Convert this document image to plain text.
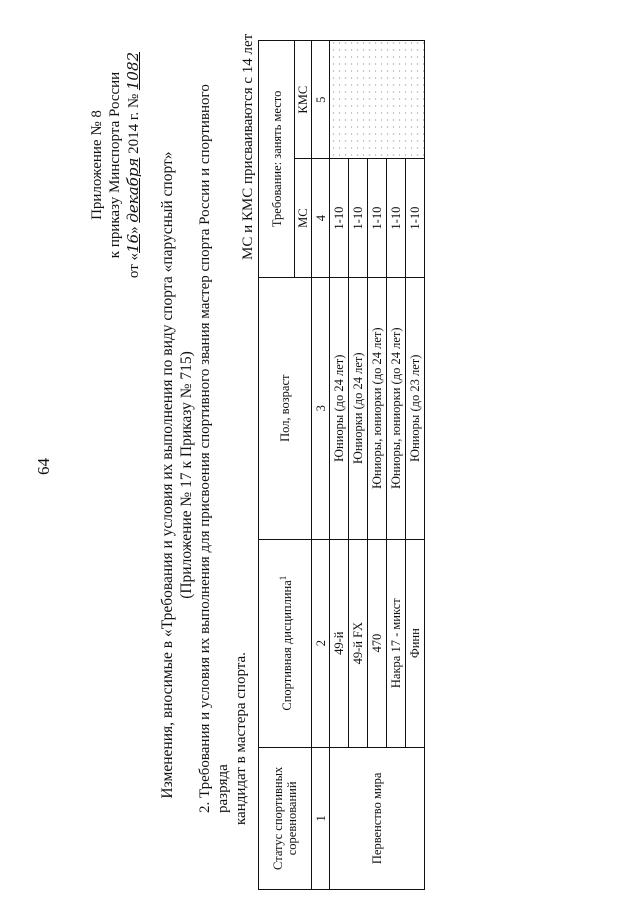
64
Приложение № 8 к приказу Минспорта России
от «16» декабря 2014 г. № 1082
Изменения, вносимые в «Требования и условия их выполнения по виду спорта «парусный спорт» (Приложение № 17 к Приказу № 715) 2. Требования и условия их выполнения для присвоения спортивного звания мастер спорта России и спортивного разряда кандидат в мастера спорта.
МС и КМС присваиваются с 14 лет
Статус спортивных соревнований	Спортивная дисциплина$^1$	Пол, возраст	Требование: занять место	
			МС	КМС
1	2	3	4	5
Первенство мира	49-й	Юниоры (до 24 лет)	1-10	
	49-й FX	Юниорки (до 24 лет)	1-10	
	470	Юниоры, юниорки (до 24 лет)	1-10	
	Накра 17 - микст	Юниоры, юниорки (до 24 лет)	1-10	
	Финн	Юниоры (до 23 лет)	1-10	
